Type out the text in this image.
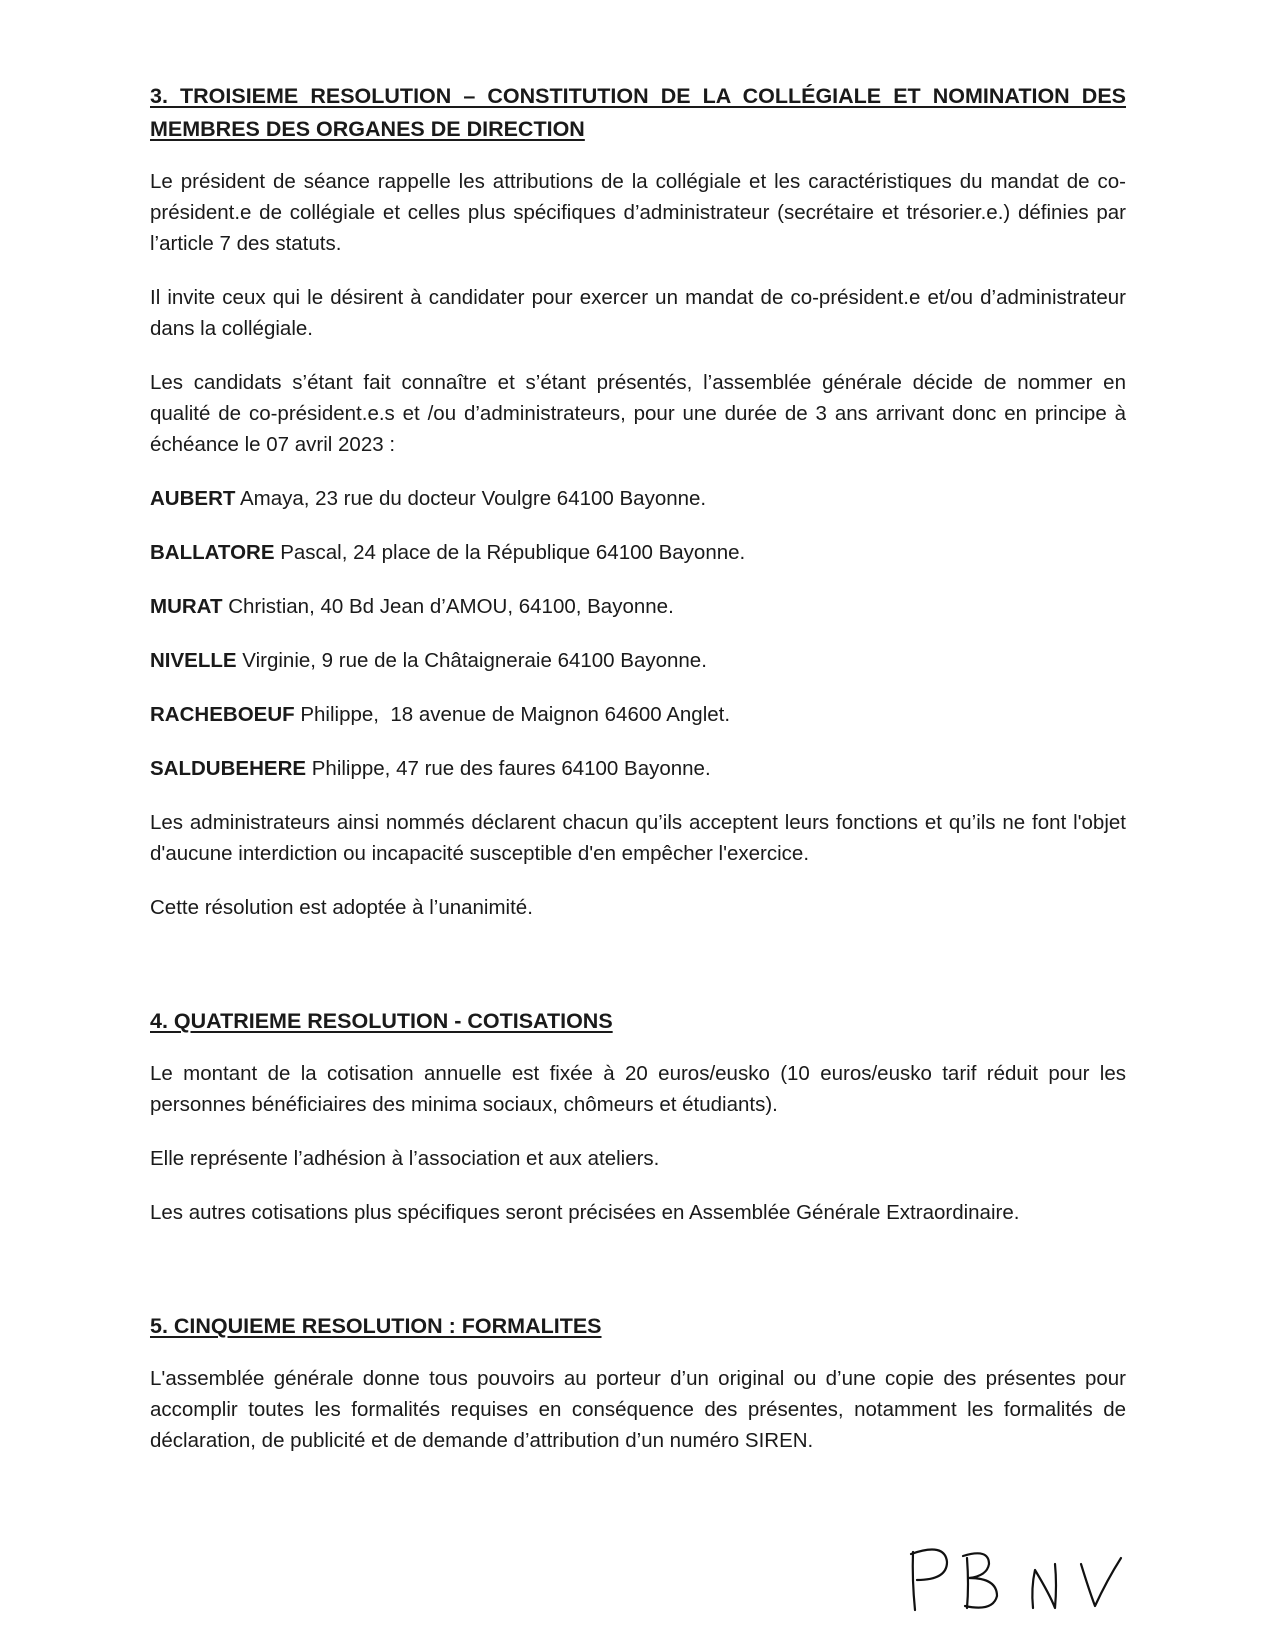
3. TROISIEME RESOLUTION – CONSTITUTION DE LA COLLÉGIALE ET NOMINATION DES MEMBRES DES ORGANES DE DIRECTION

Le président de séance rappelle les attributions de la collégiale et les caractéristiques du mandat de co-président.e de collégiale et celles plus spécifiques d’administrateur (secrétaire et trésorier.e.) définies par l’article 7 des statuts.

Il invite ceux qui le désirent à candidater pour exercer un mandat de co-président.e et/ou d’administrateur dans la collégiale.

Les candidats s’étant fait connaître et s’étant présentés, l’assemblée générale décide de nommer en qualité de co-président.e.s et /ou d’administrateurs, pour une durée de 3 ans arrivant donc en principe à échéance le 07 avril 2023 :

AUBERT Amaya, 23 rue du docteur Voulgre 64100 Bayonne.

BALLATORE Pascal, 24 place de la République 64100 Bayonne.

MURAT Christian, 40 Bd Jean d’AMOU, 64100, Bayonne.

NIVELLE Virginie, 9 rue de la Châtaigneraie 64100 Bayonne.

RACHEBOEUF Philippe,  18 avenue de Maignon 64600 Anglet.

SALDUBEHERE Philippe, 47 rue des faures 64100 Bayonne.

Les administrateurs ainsi nommés déclarent chacun qu’ils acceptent leurs fonctions et qu’ils ne font l'objet d'aucune interdiction ou incapacité susceptible d'en empêcher l'exercice.

Cette résolution est adoptée à l’unanimité.

4. QUATRIEME RESOLUTION - COTISATIONS

Le montant de la cotisation annuelle est fixée à 20 euros/eusko (10 euros/eusko tarif réduit pour les personnes bénéficiaires des minima sociaux, chômeurs et étudiants).

Elle représente l’adhésion à l’association et aux ateliers.

Les autres cotisations plus spécifiques seront précisées en Assemblée Générale Extraordinaire.

5. CINQUIEME RESOLUTION : FORMALITES

L'assemblée générale donne tous pouvoirs au porteur d’un original ou d’une copie des présentes pour accomplir toutes les formalités requises en conséquence des présentes, notamment les formalités de déclaration, de publicité et de demande d’attribution d’un numéro SIREN.
